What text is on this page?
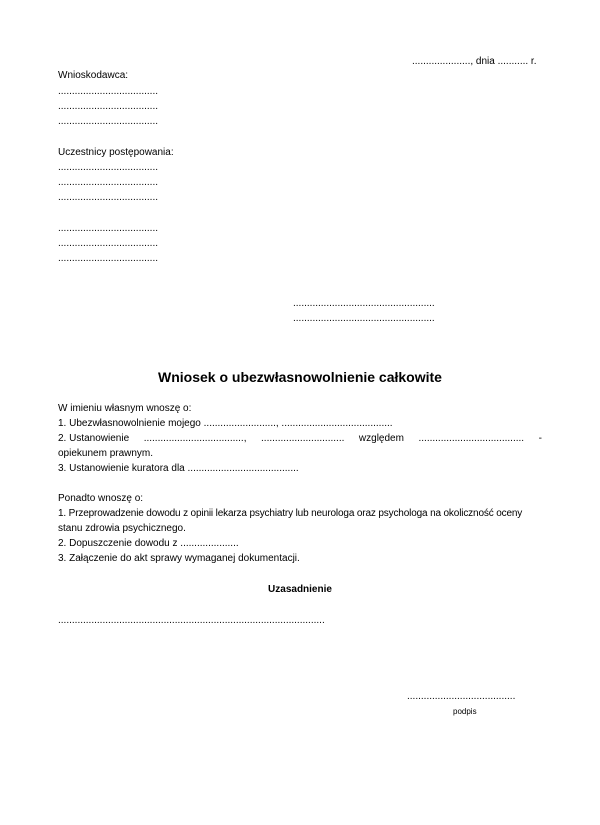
....................., dnia ........... r.
Wnioskodawca:
....................................
....................................
....................................
Uczestnicy postępowania:
....................................
....................................
....................................
....................................
....................................
....................................
...................................................
...................................................
Wniosek o ubezwłasnowolnienie całkowite
W imieniu własnym wnoszę o:
1. Ubezwłasnowolnienie mojego .........................., ........................................
2. Ustanowienie ...................................., .............................. względem ...................................... -
opiekunem prawnym.
3. Ustanowienie kuratora dla ........................................
Ponadto wnoszę o:
1. Przeprowadzenie dowodu z opinii lekarza psychiatry lub neurologa oraz psychologa na okoliczność oceny
stanu zdrowia psychicznego.
2. Dopuszczenie dowodu z .....................
3. Załączenie do akt sprawy wymaganej dokumentacji.
Uzasadnienie
................................................................................................
.......................................
podpis
